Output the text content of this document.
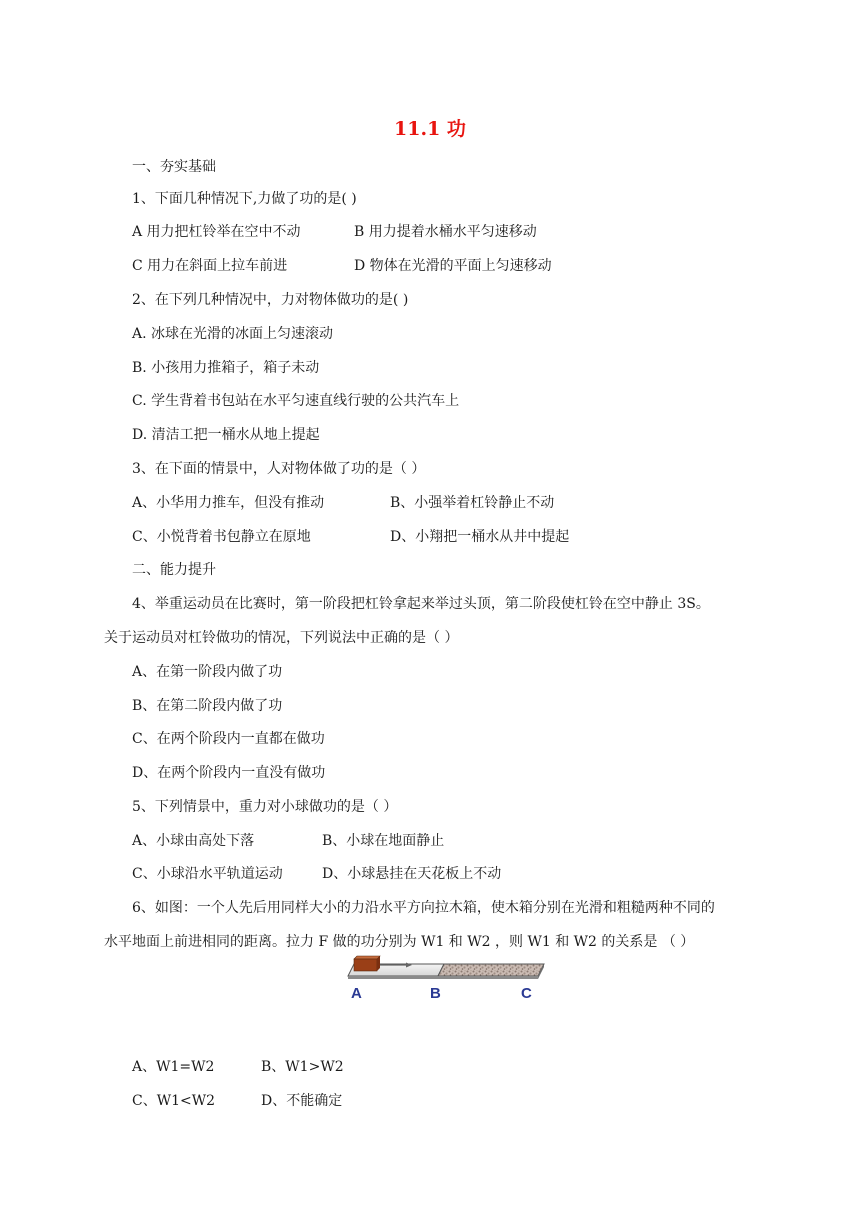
11.1 功
一、夯实基础
1、下面几种情况下,力做了功的是( )
A 用力把杠铃举在空中不动	B 用力提着水桶水平匀速移动
C 用力在斜面上拉车前进	D 物体在光滑的平面上匀速移动
2、在下列几种情况中，力对物体做功的是( )
A. 冰球在光滑的冰面上匀速滚动
B. 小孩用力推箱子，箱子未动
C. 学生背着书包站在水平匀速直线行驶的公共汽车上
D. 清洁工把一桶水从地上提起
3、在下面的情景中，人对物体做了功的是（ ）
A、小华用力推车，但没有推动	B、小强举着杠铃静止不动
C、小悦背着书包静立在原地	D、小翔把一桶水从井中提起
二、能力提升
4、举重运动员在比赛时，第一阶段把杠铃拿起来举过头顶，第二阶段使杠铃在空中静止 3S。
关于运动员对杠铃做功的情况，下列说法中正确的是（ ）
A、在第一阶段内做了功
B、在第二阶段内做了功
C、在两个阶段内一直都在做功
D、在两个阶段内一直没有做功
5、下列情景中，重力对小球做功的是（ ）
A、小球由高处下落	B、小球在地面静止
C、小球沿水平轨道运动	D、小球悬挂在天花板上不动
6、如图：一个人先后用同样大小的力沿水平方向拉木箱，使木箱分别在光滑和粗糙两种不同的
水平地面上前进相同的距离。拉力 F 做的功分别为 W1 和 W2 ，则 W1 和 W2 的关系是 （ ）
A	B	C
A、W1=W2	B、W1>W2
C、W1<W2	D、不能确定
